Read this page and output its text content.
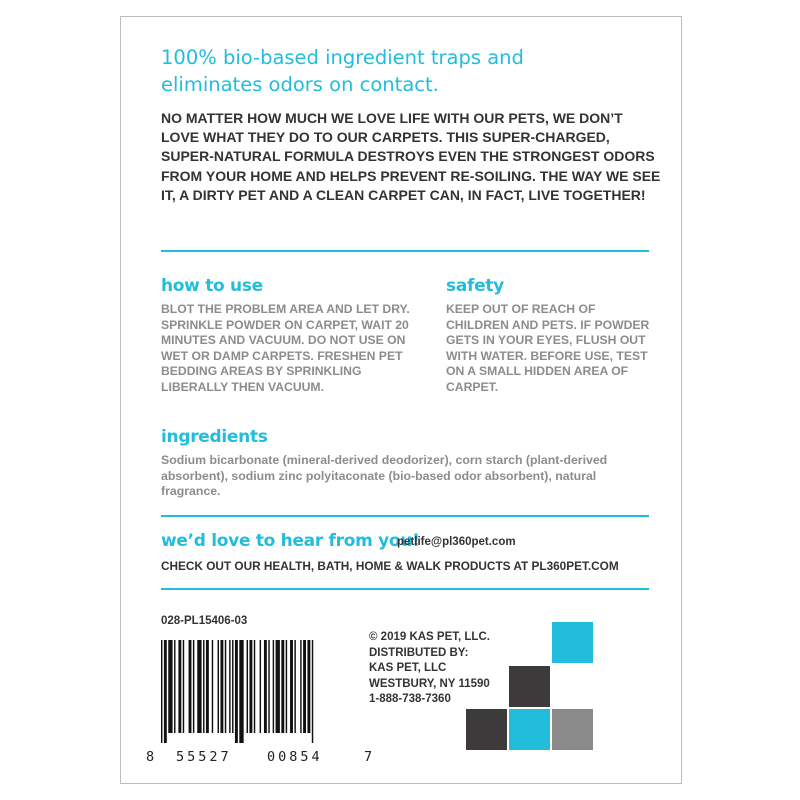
100% bio-based ingredient traps and eliminates odors on contact.

NO MATTER HOW MUCH WE LOVE LIFE WITH OUR PETS, WE DON’T LOVE WHAT THEY DO TO OUR CARPETS. THIS SUPER-CHARGED, SUPER-NATURAL FORMULA DESTROYS EVEN THE STRONGEST ODORS FROM YOUR HOME AND HELPS PREVENT RE-SOILING. THE WAY WE SEE IT, A DIRTY PET AND A CLEAN CARPET CAN, IN FACT, LIVE TOGETHER!

how to use

BLOT THE PROBLEM AREA AND LET DRY. SPRINKLE POWDER ON CARPET, WAIT 20 MINUTES AND VACUUM. DO NOT USE ON WET OR DAMP CARPETS. FRESHEN PET BEDDING AREAS BY SPRINKLING LIBERALLY THEN VACUUM.

safety

KEEP OUT OF REACH OF CHILDREN AND PETS. IF POWDER GETS IN YOUR EYES, FLUSH OUT WITH WATER. BEFORE USE, TEST ON A SMALL HIDDEN AREA OF CARPET.

ingredients

Sodium bicarbonate (mineral-derived deodorizer), corn starch (plant-derived absorbent), sodium zinc polyitaconate (bio-based odor absorbent), natural fragrance.

we’d love to hear from you!

petlife@pl360pet.com
CHECK OUT OUR HEALTH, BATH, HOME & WALK PRODUCTS AT PL360PET.COM
028-PL15406-03
8 55527	00854	7
© 2019 KAS PET, LLC.
DISTRIBUTED BY:
KAS PET, LLC
WESTBURY, NY 11590
1-888-738-7360
